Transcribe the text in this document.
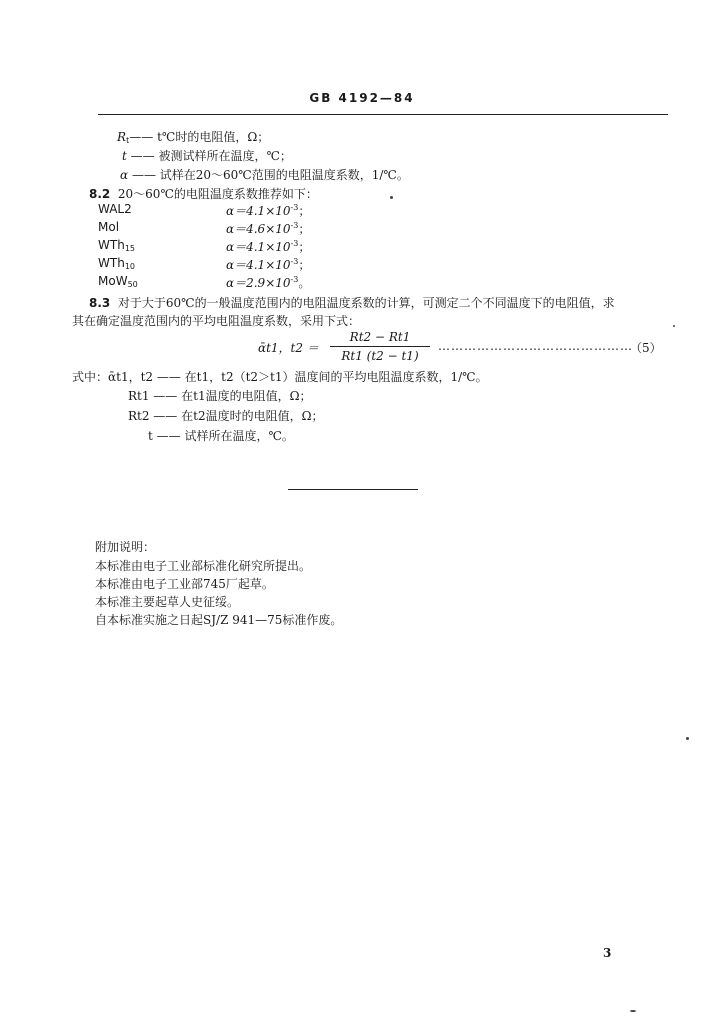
GB 4192—84
$R_t——$ t℃时的电阻值，Ω；
t —— 被测试样所在温度，℃；
α —— 试样在20～60℃范围的电阻温度系数，1/℃。
8.2 20～60℃的电阻温度系数推荐如下：
WAL2	$\alpha=4.1\times 10^{-3}$；
Mol	$\alpha=4.6\times 10^{-3}$；
WTh$_{15}$	$\alpha=4.1\times 10^{-3}$；
WTh$_{10}$	$\alpha=4.1\times 10^{-3}$；
MoW$_{50}$	$\alpha=2.9\times 10^{-3}$。
8.3 对于大于60℃的一般温度范围内的电阻温度系数的计算，可测定二个不同温度下的电阻值，求
其在确定温度范围内的平均电阻温度系数，采用下式：
ᾱt1，t2 ＝
Rt2 − Rt1
Rt1 (t2 − t1)
………………………………………
（5）
式中：ᾱt1，t2 —— 在t1，t2（t2＞t1）温度间的平均电阻温度系数，1/℃。
Rt1 —— 在t1温度的电阻值，Ω；
Rt2 —— 在t2温度时的电阻值，Ω；
t —— 试样所在温度，℃。
附加说明：
本标准由电子工业部标准化研究所提出。
本标准由电子工业部745厂起草。
本标准主要起草人史征绥。
自本标准实施之日起SJ/Z 941—75标准作废。
3
